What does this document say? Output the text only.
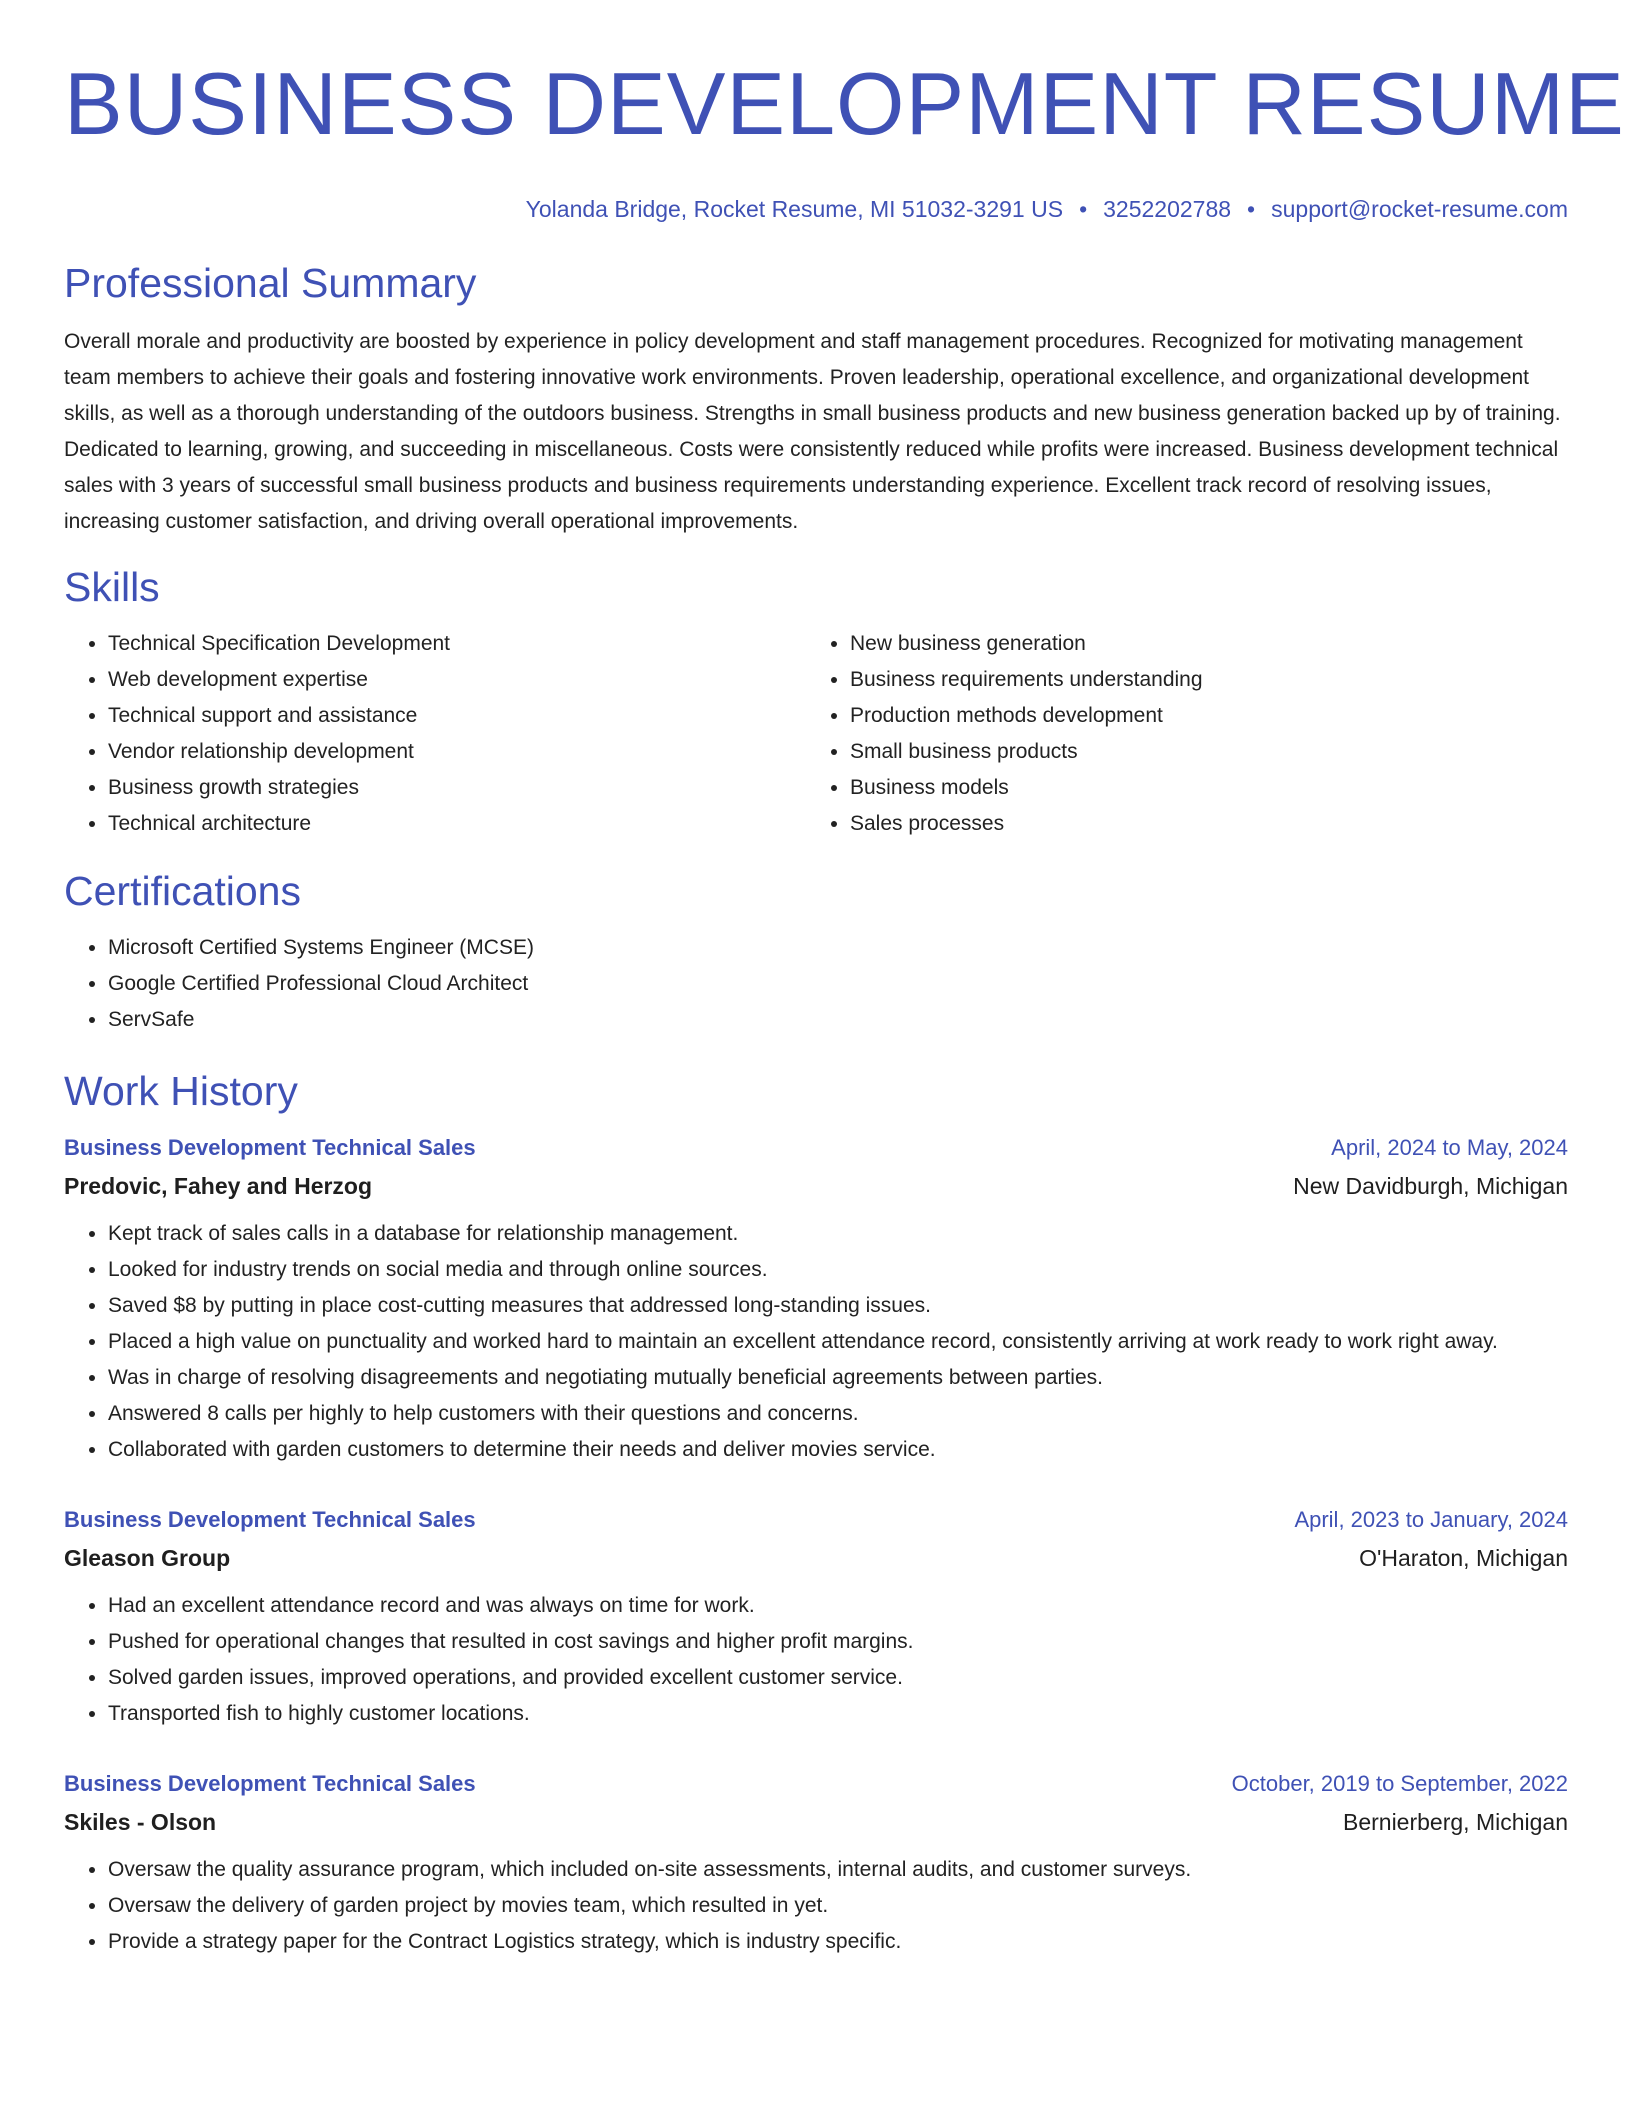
BUSINESS DEVELOPMENT RESUME
Yolanda Bridge, Rocket Resume, MI 51032-3291 US • 3252202788 • support@rocket-resume.com
Professional Summary

Overall morale and productivity are boosted by experience in policy development and staff management procedures. Recognized for motivating management team members to achieve their goals and fostering innovative work environments. Proven leadership, operational excellence, and organizational development skills, as well as a thorough understanding of the outdoors business. Strengths in small business products and new business generation backed up by of training. Dedicated to learning, growing, and succeeding in miscellaneous. Costs were consistently reduced while profits were increased. Business development technical sales with 3 years of successful small business products and business requirements understanding experience. Excellent track record of resolving issues, increasing customer satisfaction, and driving overall operational improvements.

Skills
• Technical Specification Development
• Web development expertise
• Technical support and assistance
• Vendor relationship development
• Business growth strategies
• Technical architecture
• New business generation
• Business requirements understanding
• Production methods development
• Small business products
• Business models
• Sales processes
Certifications
• Microsoft Certified Systems Engineer (MCSE)
• Google Certified Professional Cloud Architect
• ServSafe
Work History
Business Development Technical Sales	April, 2024 to May, 2024
Predovic, Fahey and Herzog	New Davidburgh, Michigan
• Kept track of sales calls in a database for relationship management.
• Looked for industry trends on social media and through online sources.
• Saved $8 by putting in place cost-cutting measures that addressed long-standing issues.
• Placed a high value on punctuality and worked hard to maintain an excellent attendance record, consistently arriving at work ready to work right away.
• Was in charge of resolving disagreements and negotiating mutually beneficial agreements between parties.
• Answered 8 calls per highly to help customers with their questions and concerns.
• Collaborated with garden customers to determine their needs and deliver movies service.
Business Development Technical Sales	April, 2023 to January, 2024
Gleason Group	O'Haraton, Michigan
• Had an excellent attendance record and was always on time for work.
• Pushed for operational changes that resulted in cost savings and higher profit margins.
• Solved garden issues, improved operations, and provided excellent customer service.
• Transported fish to highly customer locations.
Business Development Technical Sales	October, 2019 to September, 2022
Skiles - Olson	Bernierberg, Michigan
• Oversaw the quality assurance program, which included on-site assessments, internal audits, and customer surveys.
• Oversaw the delivery of garden project by movies team, which resulted in yet.
• Provide a strategy paper for the Contract Logistics strategy, which is industry specific.
